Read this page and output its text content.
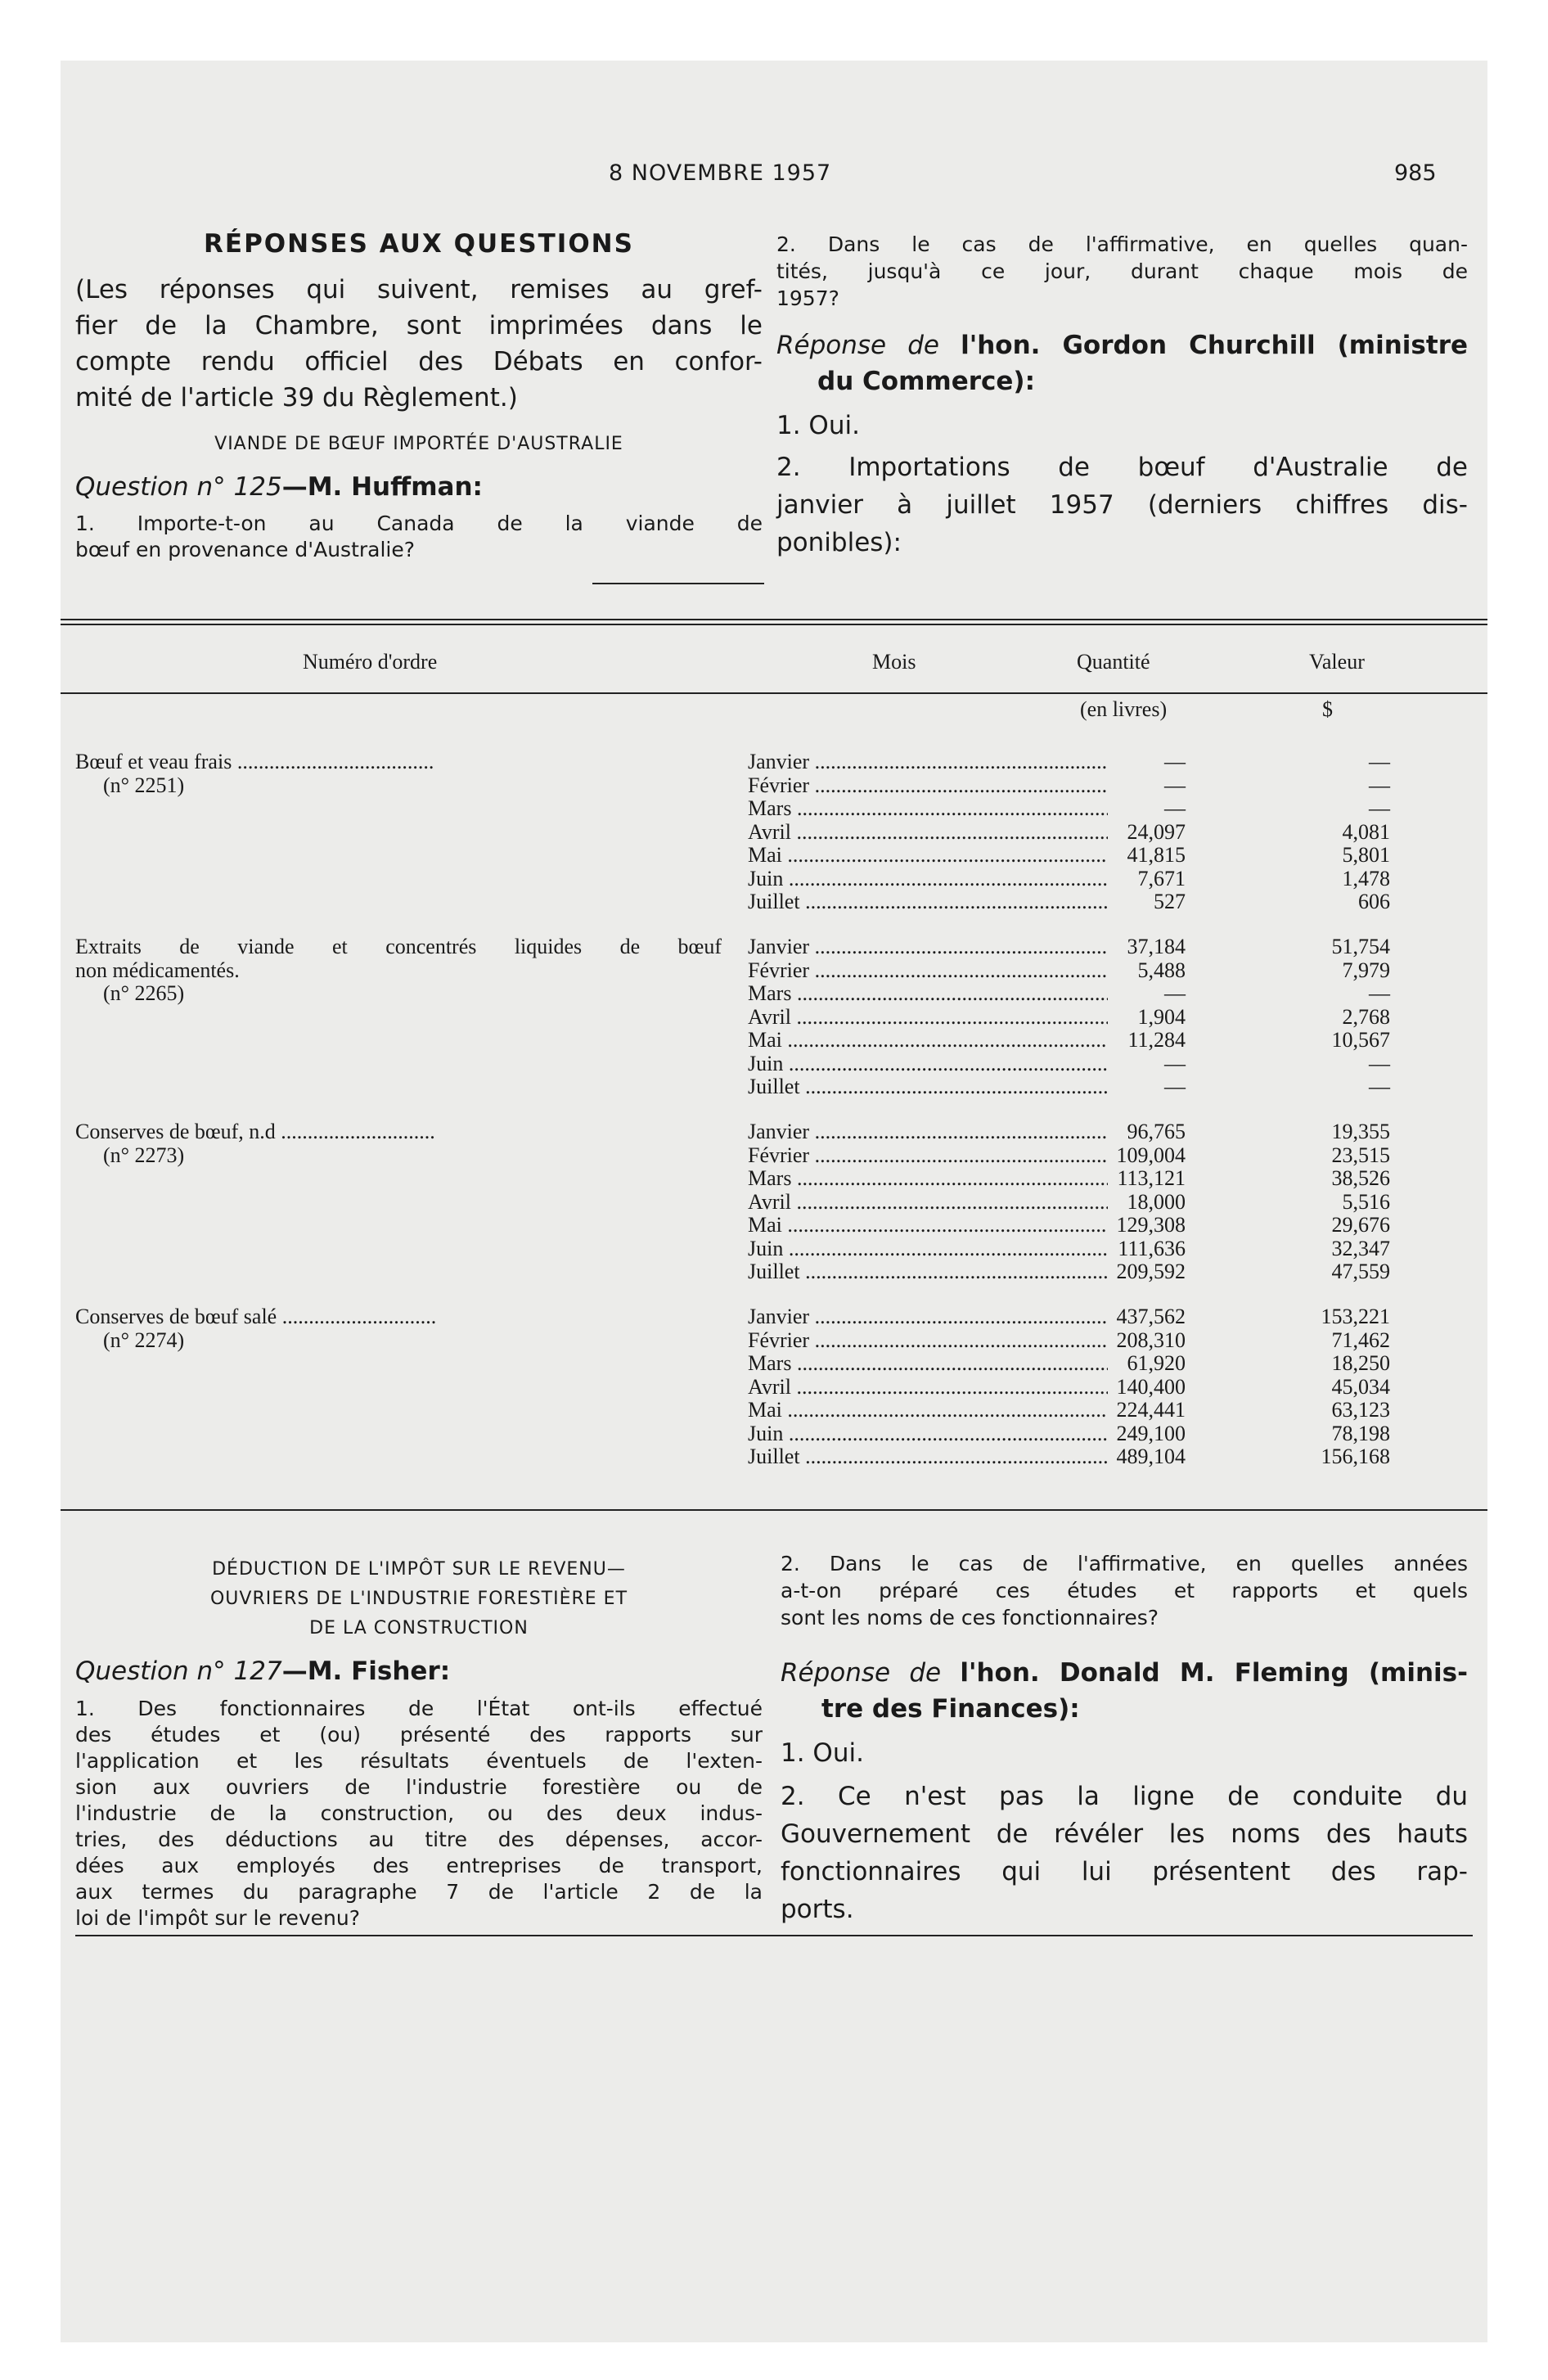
8 NOVEMBRE 1957	985
RÉPONSES AUX QUESTIONS

(Les réponses qui suivent, remises au gref-

fier de la Chambre, sont imprimées dans le

compte rendu officiel des Débats en confor-

mité de l'article 39 du Règlement.)

VIANDE DE BŒUF IMPORTÉE D'AUSTRALIE
Question n° 125—M. Huffman:

1. Importe-t-on au Canada de la viande de

bœuf en provenance d'Australie?

2. Dans le cas de l'affirmative, en quelles quan-

tités, jusqu'à ce jour, durant chaque mois de

1957?

Réponse de l'hon. Gordon Churchill (ministre

du Commerce):

1. Oui.

2. Importations de bœuf d'Australie de

janvier à juillet 1957 (derniers chiffres dis-

ponibles):

Numéro d'ordre	Mois	Quantité	Valeur
(en livres)	$
Bœuf et veau frais .....
(n° 2251)
Janvier .....	—	—
Février .....	—	—
Mars .....	—	—
Avril .....	24,097	4,081
Mai .....	41,815	5,801
Juin .....	7,671	1,478
Juillet .....	527	606
Extraits de viande et concentrés liquides de bœuf
non médicamentés.
(n° 2265)
Janvier .....	37,184	51,754
Février .....	5,488	7,979
Mars .....	—	—
Avril .....	1,904	2,768
Mai .....	11,284	10,567
Juin .....	—	—
Juillet .....	—	—
Conserves de bœuf, n.d .....
(n° 2273)
Janvier .....	96,765	19,355
Février .....	109,004	23,515
Mars .....	113,121	38,526
Avril .....	18,000	5,516
Mai .....	129,308	29,676
Juin .....	111,636	32,347
Juillet .....	209,592	47,559
Conserves de bœuf salé .....
(n° 2274)
Janvier .....	437,562	153,221
Février .....	208,310	71,462
Mars .....	61,920	18,250
Avril .....	140,400	45,034
Mai .....	224,441	63,123
Juin .....	249,100	78,198
Juillet .....	489,104	156,168

DÉDUCTION DE L'IMPÔT SUR LE REVENU—

OUVRIERS DE L'INDUSTRIE FORESTIÈRE ET

DE LA CONSTRUCTION

Question n° 127—M. Fisher:

1. Des fonctionnaires de l'État ont-ils effectué

des études et (ou) présenté des rapports sur

l'application et les résultats éventuels de l'exten-

sion aux ouvriers de l'industrie forestière ou de

l'industrie de la construction, ou des deux indus-

tries, des déductions au titre des dépenses, accor-

dées aux employés des entreprises de transport,

aux termes du paragraphe 7 de l'article 2 de la

loi de l'impôt sur le revenu?

2. Dans le cas de l'affirmative, en quelles années

a-t-on préparé ces études et rapports et quels

sont les noms de ces fonctionnaires?

Réponse de l'hon. Donald M. Fleming (minis-

tre des Finances):

1. Oui.

2. Ce n'est pas la ligne de conduite du

Gouvernement de révéler les noms des hauts

fonctionnaires qui lui présentent des rap-

ports.
